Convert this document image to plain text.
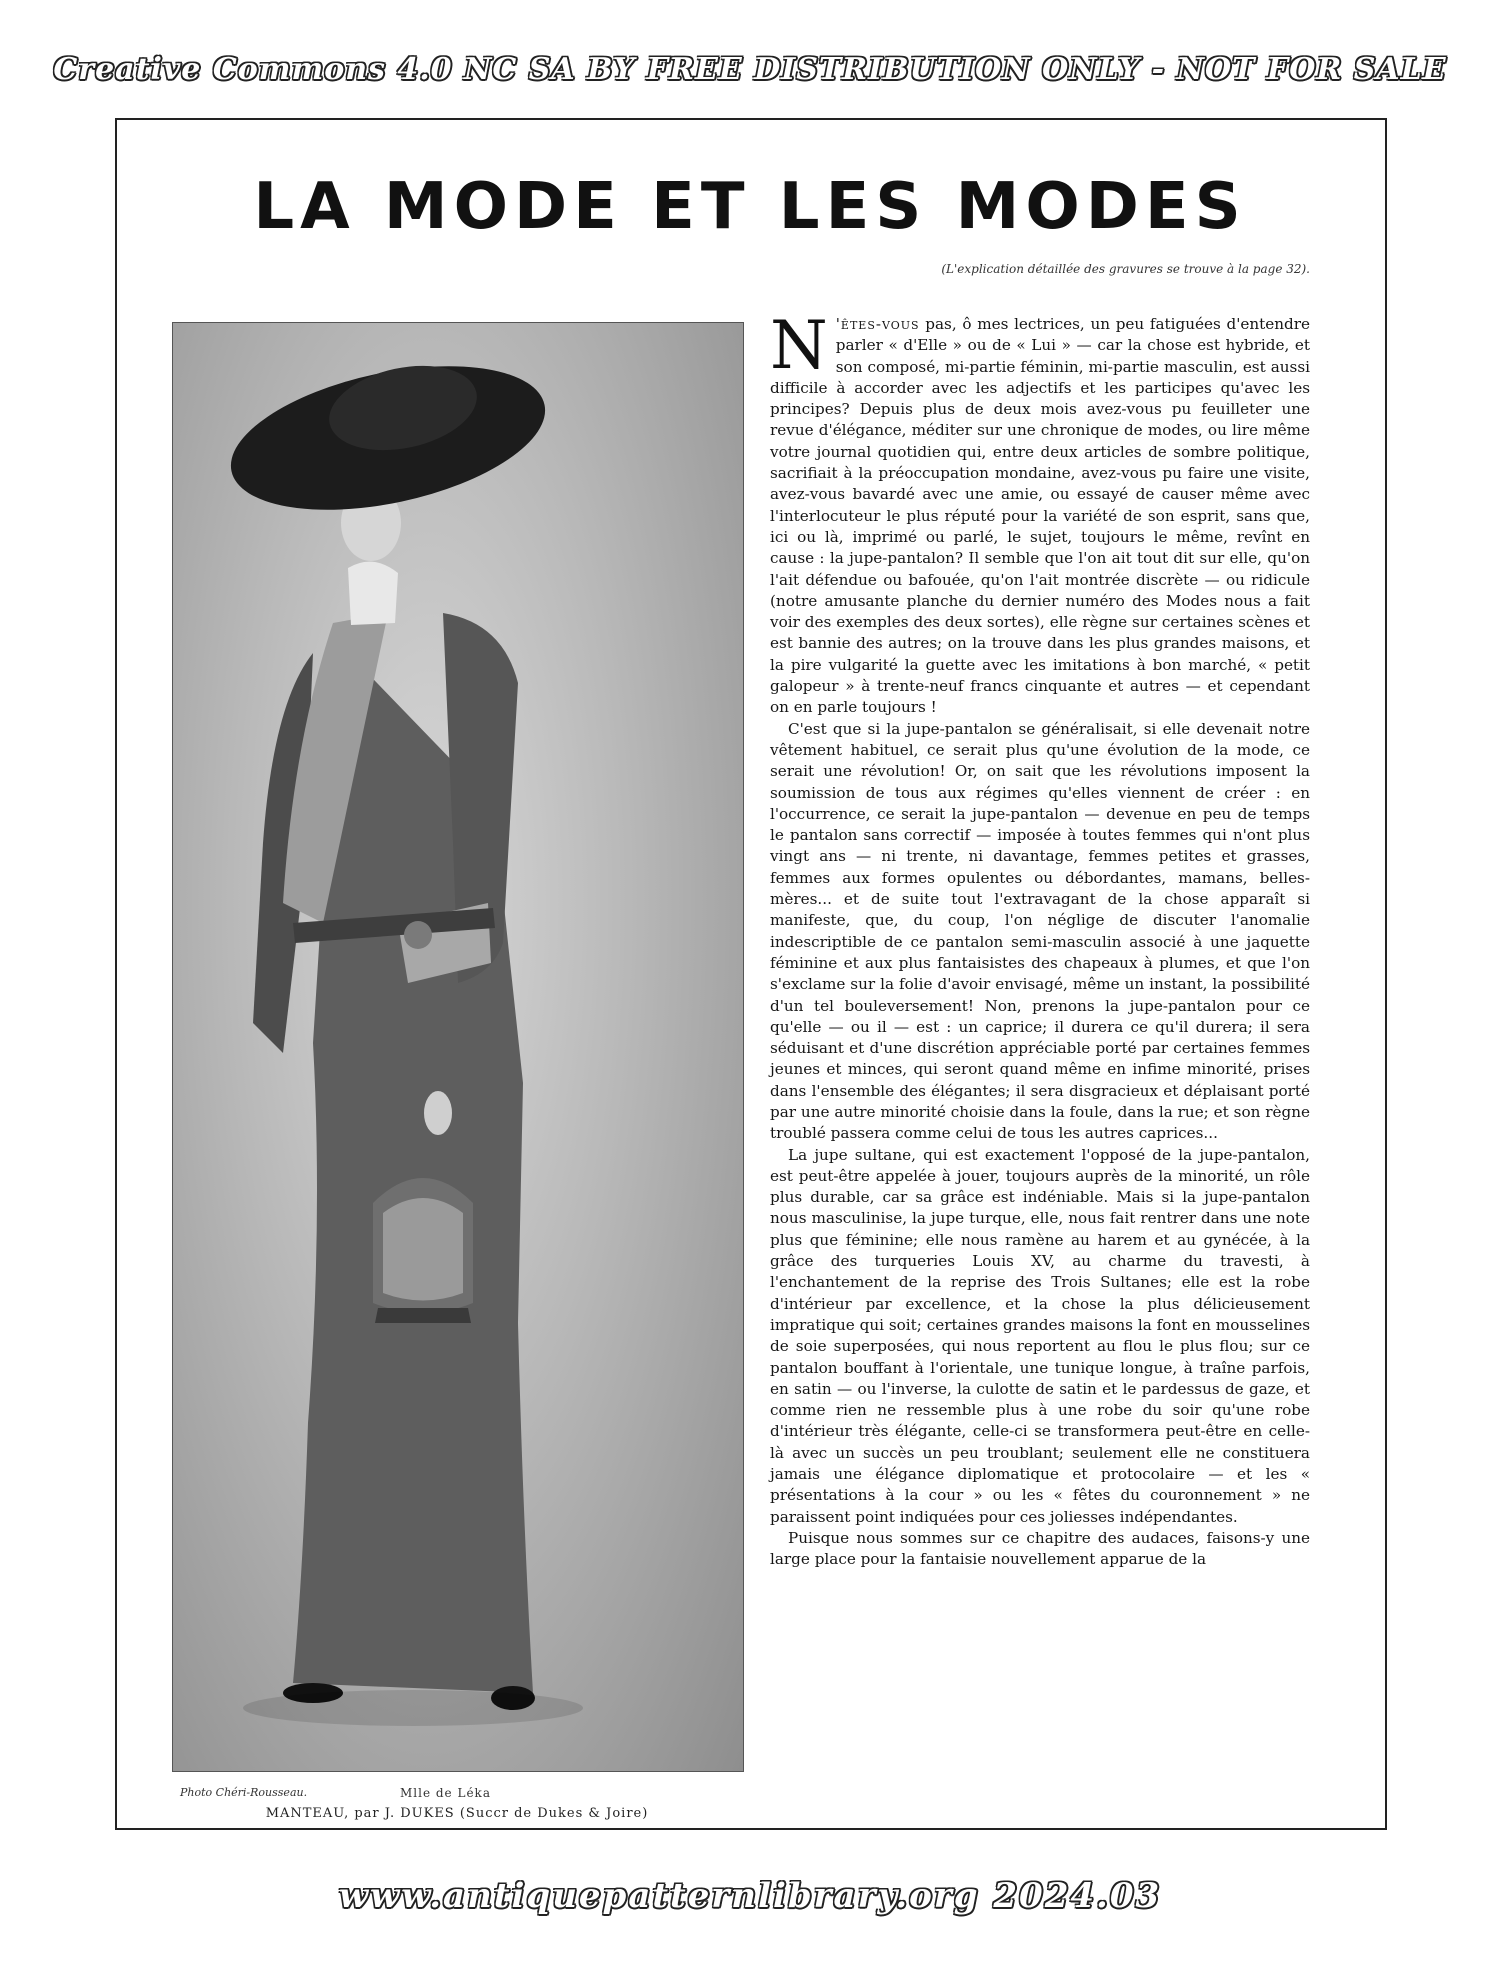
Creative Commons 4.0 NC SA BY FREE DISTRIBUTION ONLY - NOT FOR SALE
LA MODE ET LES MODES
(L'explication détaillée des gravures se trouve à la page 32).
Photo Chéri-Rousseau.	Mlle de Léka
MANTEAU, par J. DUKES (Succr de Dukes & Joire)

N 'êtes-vous pas, ô mes lectrices, un peu fatiguées d'entendre parler « d'Elle » ou de « Lui » — car la chose est hybride, et son composé, mi-partie féminin, mi-partie masculin, est aussi difficile à accorder avec les adjectifs et les participes qu'avec les principes? Depuis plus de deux mois avez-vous pu feuilleter une revue d'élégance, méditer sur une chronique de modes, ou lire même votre journal quotidien qui, entre deux articles de sombre politique, sacrifiait à la préoccupation mondaine, avez-vous pu faire une visite, avez-vous bavardé avec une amie, ou essayé de causer même avec l'interlocuteur le plus réputé pour la variété de son esprit, sans que, ici ou là, imprimé ou parlé, le sujet, toujours le même, revînt en cause : la jupe-pantalon? Il semble que l'on ait tout dit sur elle, qu'on l'ait défendue ou bafouée, qu'on l'ait montrée discrète — ou ridicule (notre amusante planche du dernier numéro des Modes nous a fait voir des exemples des deux sortes), elle règne sur certaines scènes et est bannie des autres; on la trouve dans les plus grandes maisons, et la pire vulgarité la guette avec les imitations à bon marché, « petit galopeur » à trente-neuf francs cinquante et autres — et cependant on en parle toujours !

C'est que si la jupe-pantalon se généralisait, si elle devenait notre vêtement habituel, ce serait plus qu'une évolution de la mode, ce serait une révolution! Or, on sait que les révolutions imposent la soumission de tous aux régimes qu'elles viennent de créer : en l'occurrence, ce serait la jupe-pantalon — devenue en peu de temps le pantalon sans correctif — imposée à toutes femmes qui n'ont plus vingt ans — ni trente, ni davantage, femmes petites et grasses, femmes aux formes opulentes ou débordantes, mamans, belles-mères... et de suite tout l'extravagant de la chose apparaît si manifeste, que, du coup, l'on néglige de discuter l'anomalie indescriptible de ce pantalon semi-masculin associé à une jaquette féminine et aux plus fantaisistes des chapeaux à plumes, et que l'on s'exclame sur la folie d'avoir envisagé, même un instant, la possibilité d'un tel bouleversement! Non, prenons la jupe-pantalon pour ce qu'elle — ou il — est : un caprice; il durera ce qu'il durera; il sera séduisant et d'une discrétion appréciable porté par certaines femmes jeunes et minces, qui seront quand même en infime minorité, prises dans l'ensemble des élégantes; il sera disgracieux et déplaisant porté par une autre minorité choisie dans la foule, dans la rue; et son règne troublé passera comme celui de tous les autres caprices...

La jupe sultane, qui est exactement l'opposé de la jupe-pantalon, est peut-être appelée à jouer, toujours auprès de la minorité, un rôle plus durable, car sa grâce est indéniable. Mais si la jupe-pantalon nous masculinise, la jupe turque, elle, nous fait rentrer dans une note plus que féminine; elle nous ramène au harem et au gynécée, à la grâce des turqueries Louis XV, au charme du travesti, à l'enchantement de la reprise des Trois Sultanes; elle est la robe d'intérieur par excellence, et la chose la plus délicieusement impratique qui soit; certaines grandes maisons la font en mousselines de soie superposées, qui nous reportent au flou le plus flou; sur ce pantalon bouffant à l'orientale, une tunique longue, à traîne parfois, en satin — ou l'inverse, la culotte de satin et le pardessus de gaze, et comme rien ne ressemble plus à une robe du soir qu'une robe d'intérieur très élégante, celle-ci se transformera peut-être en celle-là avec un succès un peu troublant; seulement elle ne constituera jamais une élégance diplomatique et protocolaire — et les « présentations à la cour » ou les « fêtes du couronnement » ne paraissent point indiquées pour ces joliesses indépendantes.

Puisque nous sommes sur ce chapitre des audaces, faisons-y une large place pour la fantaisie nouvellement apparue de la

www.antiquepatternlibrary.org 2024.03
